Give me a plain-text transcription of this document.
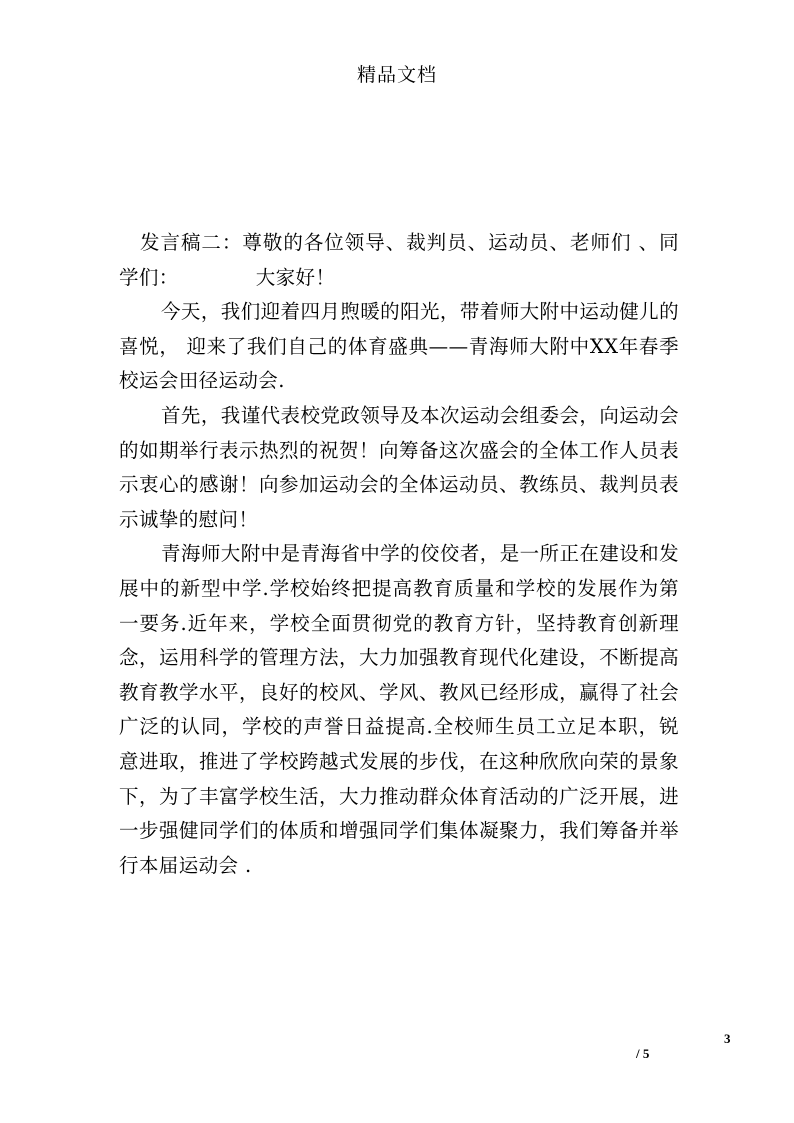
精品文档

发言稿二：尊敬的各位领导、裁判员、运动员、老师们 、同学们：	大家好！

今天，我们迎着四月煦暖的阳光，带着师大附中运动健儿的喜悦， 迎来了我们自己的体育盛典——青海师大附中XX年春季校运会田径运动会.

首先，我谨代表校党政领导及本次运动会组委会，向运动会的如期举行表示热烈的祝贺！向筹备这次盛会的全体工作人员表示衷心的感谢！向参加运动会的全体运动员、教练员、裁判员表示诚挚的慰问！

青海师大附中是青海省中学的佼佼者，是一所正在建设和发展中的新型中学.学校始终把提高教育质量和学校的发展作为第一要务.近年来，学校全面贯彻党的教育方针，坚持教育创新理念，运用科学的管理方法，大力加强教育现代化建设，不断提高教育教学水平，良好的校风、学风、教风已经形成，赢得了社会广泛的认同，学校的声誉日益提高.全校师生员工立足本职，锐意进取，推进了学校跨越式发展的步伐，在这种欣欣向荣的景象下，为了丰富学校生活，大力推动群众体育活动的广泛开展，进一步强健同学们的体质和增强同学们集体凝聚力，我们筹备并举行本届运动会 .

3
/ 5
